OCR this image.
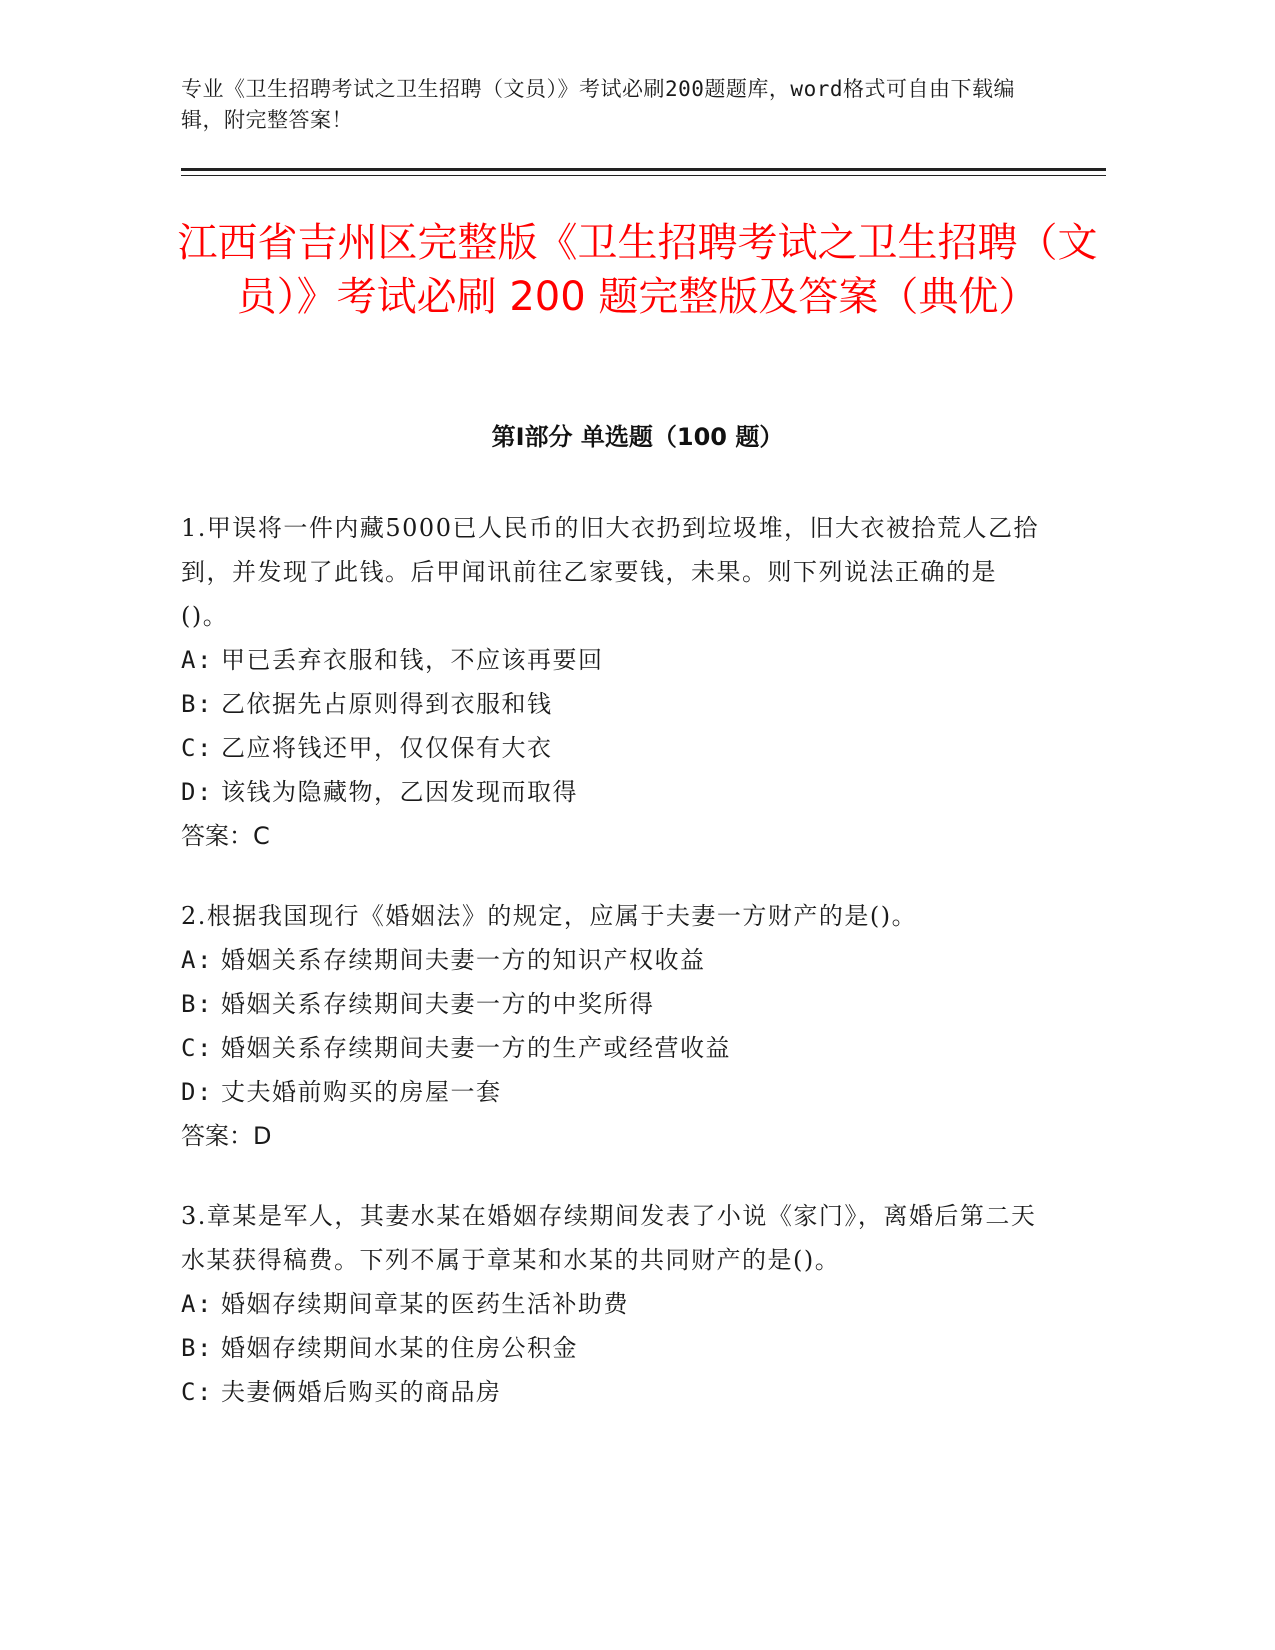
专业《卫生招聘考试之卫生招聘（文员）》考试必刷200题题库，word格式可自由下载编辑，附完整答案！
江西省吉州区完整版《卫生招聘考试之卫生招聘（文员）》考试必刷 200 题完整版及答案（典优）
第Ⅰ部分 单选题（100 题）
1.甲误将一件内藏5000已人民币的旧大衣扔到垃圾堆，旧大衣被拾荒人乙拾到，并发现了此钱。后甲闻讯前往乙家要钱，未果。则下列说法正确的是()。
A: 甲已丢弃衣服和钱，不应该再要回
B: 乙依据先占原则得到衣服和钱
C: 乙应将钱还甲，仅仅保有大衣
D: 该钱为隐藏物，乙因发现而取得
答案：C
2.根据我国现行《婚姻法》的规定，应属于夫妻一方财产的是()。
A: 婚姻关系存续期间夫妻一方的知识产权收益
B: 婚姻关系存续期间夫妻一方的中奖所得
C: 婚姻关系存续期间夫妻一方的生产或经营收益
D: 丈夫婚前购买的房屋一套
答案：D
3.章某是军人，其妻水某在婚姻存续期间发表了小说《家门》，离婚后第二天水某获得稿费。下列不属于章某和水某的共同财产的是()。
A: 婚姻存续期间章某的医药生活补助费
B: 婚姻存续期间水某的住房公积金
C: 夫妻俩婚后购买的商品房
